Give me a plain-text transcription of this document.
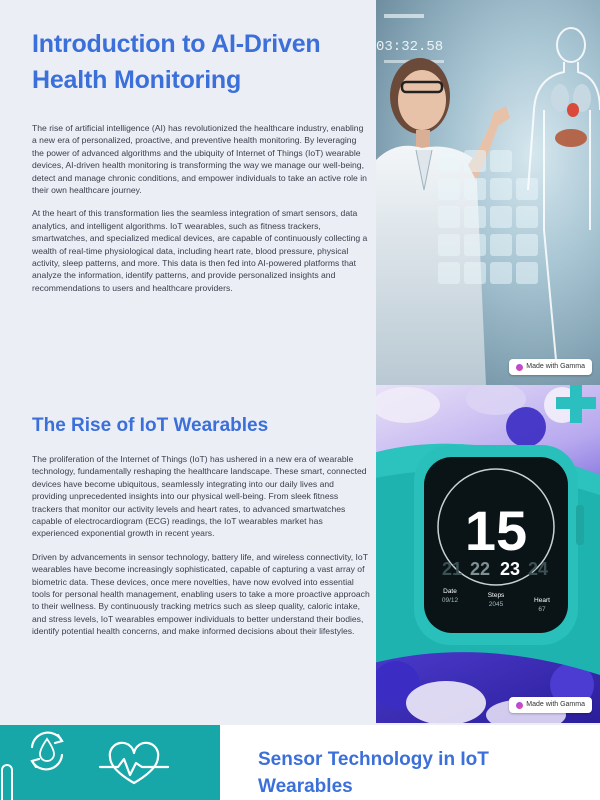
Introduction to AI-Driven Health Monitoring

The rise of artificial intelligence (AI) has revolutionized the healthcare industry, enabling a new era of personalized, proactive, and preventive health monitoring. By leveraging the power of advanced algorithms and the ubiquity of Internet of Things (IoT) wearable devices, AI-driven health monitoring is transforming the way we manage our well-being, detect and manage chronic conditions, and empower individuals to take an active role in their own healthcare journey.

At the heart of this transformation lies the seamless integration of smart sensors, data analytics, and intelligent algorithms. IoT wearables, such as fitness trackers, smartwatches, and specialized medical devices, are capable of continuously collecting a wealth of real-time physiological data, including heart rate, blood pressure, physical activity, sleep patterns, and more. This data is then fed into AI-powered platforms that analyze the information, identify patterns, and provide personalized insights and recommendations to users and healthcare providers.

03:32.58
Made with Gamma
The Rise of IoT Wearables

The proliferation of the Internet of Things (IoT) has ushered in a new era of wearable technology, fundamentally reshaping the healthcare landscape. These smart, connected devices have become ubiquitous, seamlessly integrating into our daily lives and providing unprecedented insights into our physical well-being. From sleek fitness trackers that monitor our activity levels and heart rates, to advanced smartwatches capable of electrocardiogram (ECG) readings, the IoT wearables market has experienced exponential growth in recent years.

Driven by advancements in sensor technology, battery life, and wireless connectivity, IoT wearables have become increasingly sophisticated, capable of capturing a vast array of biometric data. These devices, once mere novelties, have now evolved into essential tools for personal health management, enabling users to take a more proactive approach to their wellness. By continuously tracking metrics such as sleep quality, caloric intake, and stress levels, IoT wearables empower individuals to better understand their bodies, identify potential health concerns, and make informed decisions about their lifestyles.

15
21 22 23 24
Date
09/12
Steps
2045
Heart
67
Made with Gamma
Sensor Technology in IoT Wearables
